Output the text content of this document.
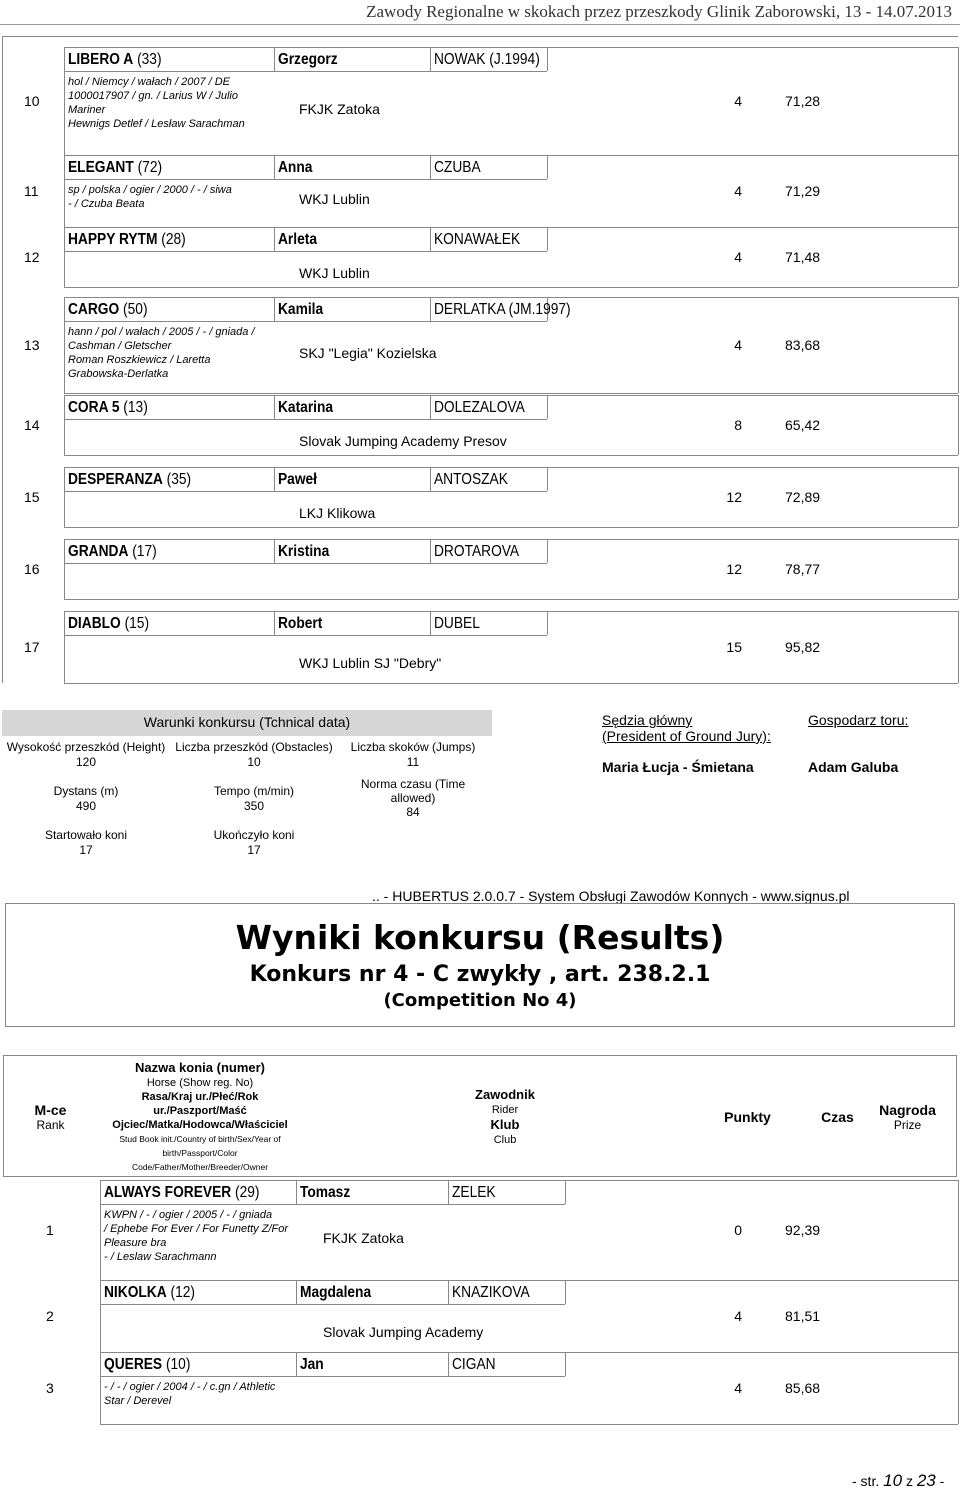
Zawody Regionalne w skokach przez przeszkody Glinik Zaborowski, 13 - 14.07.2013
10
LIBERO A (33)	Grzegorz	NOWAK (J.1994)
hol / Niemcy / wałach / 2007 / DE
1000017907 / gn. / Larius W / Julio
Mariner
Hewnigs Detlef / Lesław Sarachman
FKJK Zatoka	4	71,28
11
ELEGANT (72)	Anna	CZUBA
sp / polska / ogier / 2000 / - / siwa
- / Czuba Beata	WKJ Lublin	4	71,29
12
HAPPY RYTM (28)	Arleta	KONAWAŁEK
WKJ Lublin
4	71,48
13
CARGO (50)	Kamila	DERLATKA (JM.1997)
hann / pol / wałach / 2005 / - / gniada /
Cashman / Gletscher
Roman Roszkiewicz / Laretta
Grabowska-Derlatka
SKJ "Legia" Kozielska	4	83,68
14
CORA 5 (13)	Katarina	DOLEZALOVA
Slovak Jumping Academy Presov
8	65,42
15
DESPERANZA (35)	Paweł	ANTOSZAK
LKJ Klikowa
12	72,89
16
GRANDA (17)	Kristina	DROTAROVA
12	78,77
17
DIABLO (15)	Robert	DUBEL
WKJ Lublin SJ "Debry"
15	95,82
Warunki konkursu (Tchnical data)
Wysokość przeszkód (Height)
120
Liczba przeszkód (Obstacles)
10
Liczba skoków (Jumps)
11
Dystans (m)
490
Tempo (m/min)
350
Norma czasu (Time
allowed)
84
Startowało koni
17
Ukończyło koni
17
Sędzia główny
(President of Ground Jury):
Maria Łucja - Śmietana
Gospodarz toru:
Adam Galuba
.. - HUBERTUS 2.0.0.7 - System Obsługi Zawodów Konnych - www.signus.pl
Wyniki konkursu (Results)
Konkurs nr 4 - C zwykły , art. 238.2.1
(Competition No 4)
M-ce
Rank
Nazwa konia (numer)
Horse (Show reg. No)
Rasa/Kraj ur./Płeć/Rok
ur./Paszport/Maść
Ojciec/Matka/Hodowca/Właściciel
Stud Book init./Country of birth/Sex/Year of
birth/Passport/Color
Code/Father/Mother/Breeder/Owner
Zawodnik
Rider
Klub
Club
Punkty	Czas	Nagroda
Prize
1
ALWAYS FOREVER (29)	Tomasz	ZELEK
KWPN / - / ogier / 2005 / - / gniada
/ Ephebe For Ever / For Funetty Z/For
Pleasure bra
- / Leslaw Sarachmann
FKJK Zatoka	0	92,39
2
NIKOLKA (12)	Magdalena	KNAZIKOVA
Slovak Jumping Academy
4	81,51
3
QUERES (10)	Jan	CIGAN
- / - / ogier / 2004 / - / c.gn / Athletic
Star / Derevel
4	85,68
- str. 10 z 23 -
